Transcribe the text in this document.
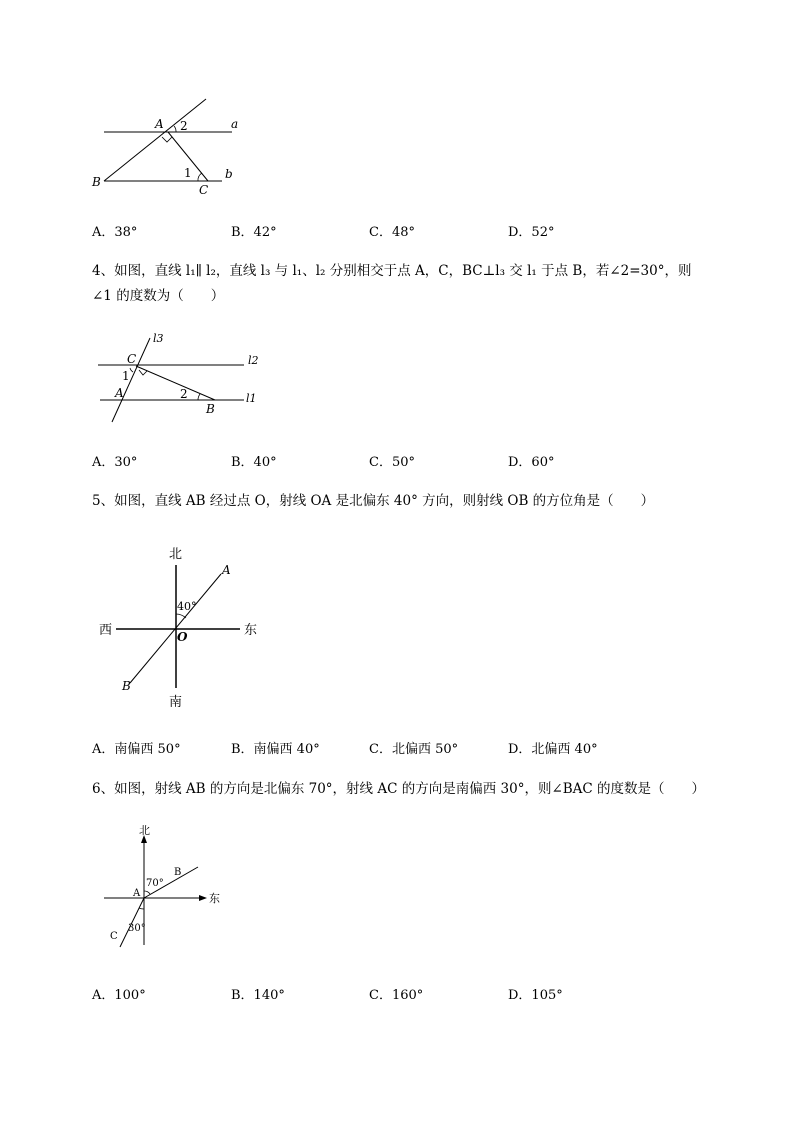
A 2	a
B
1
C
b
A．38°	B．42°	C．48°	D．52°
4、如图，直线 l₁∥ l₂，直线 l₃ 与 l₁、l₂ 分别相交于点 A，C，BC⊥l₃ 交 l₁ 于点 B，若∠2=30°，则
∠1 的度数为（　　）
l3
C	l2
1
A	2
B
l1
A．30°	B．40°	C．50°	D．60°
5、如图，直线 AB 经过点 O，射线 OA 是北偏东 40° 方向，则射线 OB 的方位角是（　　）
北
A
40°
西	O	东
B
南
A．南偏西 50°	B．南偏西 40°	C．北偏西 50°	D．北偏西 40°
6、如图，射线 AB 的方向是北偏东 70°，射线 AC 的方向是南偏西 30°，则∠BAC 的度数是（　　）
北
B
A
70°
东
C
30°
A．100°	B．140°	C．160°	D．105°
